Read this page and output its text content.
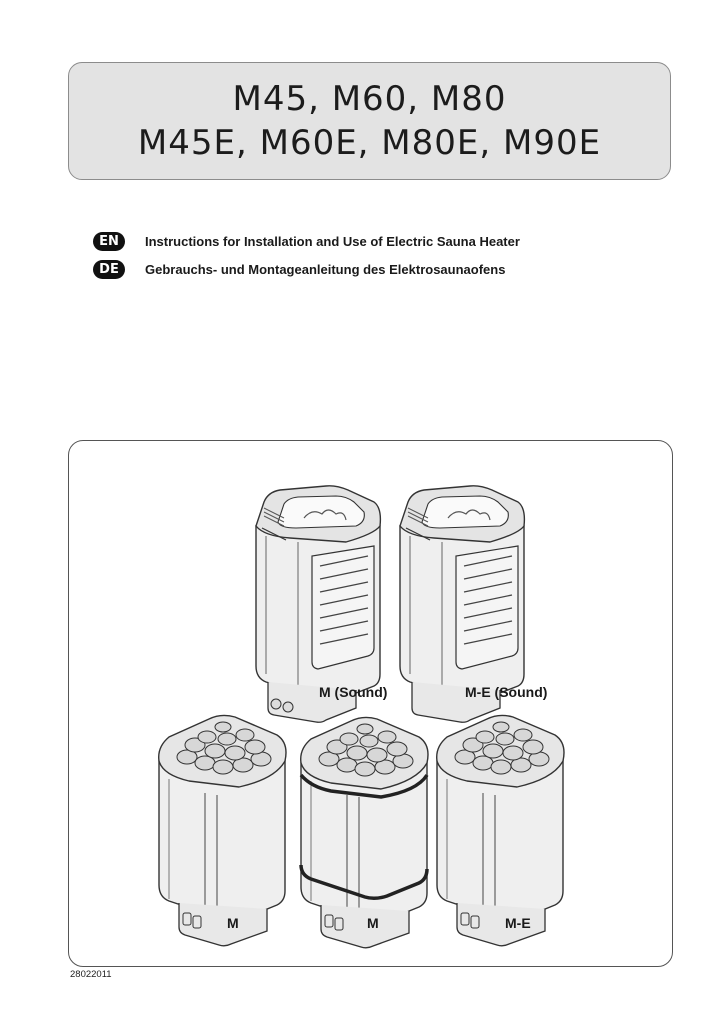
M45, M60, M80
M45E, M60E, M80E, M90E
EN	Instructions for Installation and Use of Electric Sauna Heater
DE	Gebrauchs- und Montageanleitung des Elektrosaunaofens
M (Sound)	M-E (Sound)
M	M	M-E
28022011
